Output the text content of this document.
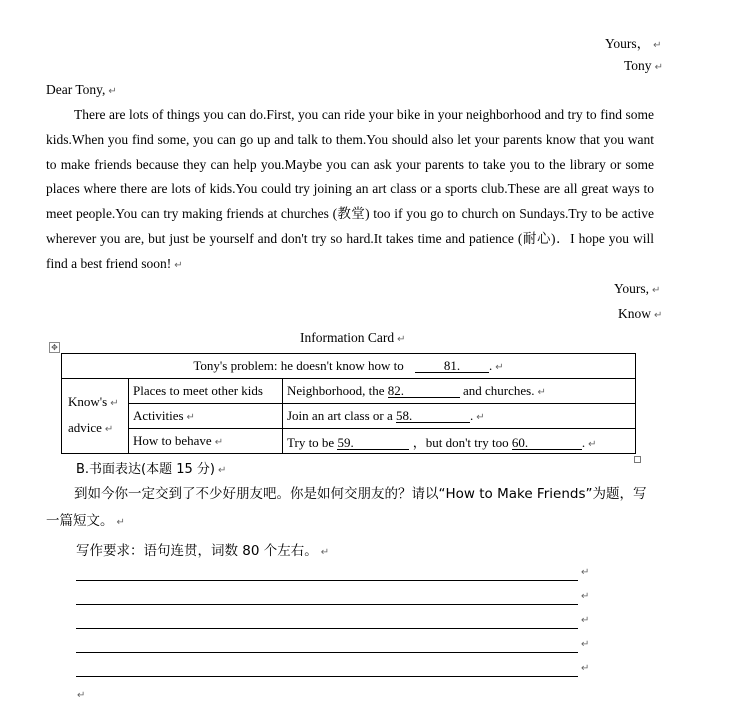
Yours， ↵
Tony ↵
Dear Tony, ↵
There are lots of things you can do.First, you can ride your bike in your neighborhood and try to find some kids.When you find some, you can go up and talk to them.You should also let your parents know that you want to make friends because they can help you.Maybe you can ask your parents to take you to the library or some places where there are lots of kids.You could try joining an art class or a sports club.These are all great ways to meet people.You can try making friends at churches (教堂) too if you go to church on Sundays.Try to be active wherever you are, but just be yourself and don't try so hard.It takes time and patience (耐心)．I hope you will find a best friend soon! ↵
Yours, ↵
Know ↵
Information Card ↵
✥
Tony's problem: he doesn't know how to 81. . ↵		

Know's ↵
advice ↵	Places to meet other kids	Neighborhood, the 82. and churches. ↵
	Activities ↵	Join an art class or a 58. . ↵
	How to behave ↵	Try to be 59. ，but don't try too 60. . ↵
B.书面表达(本题 15 分) ↵
到如今你一定交到了不少好朋友吧。你是如何交朋友的？请以“How to Make Friends”为题，写一篇短文。 ↵
写作要求：语句连贯，词数 80 个左右。 ↵
↵
↵
↵
↵
↵
↵
